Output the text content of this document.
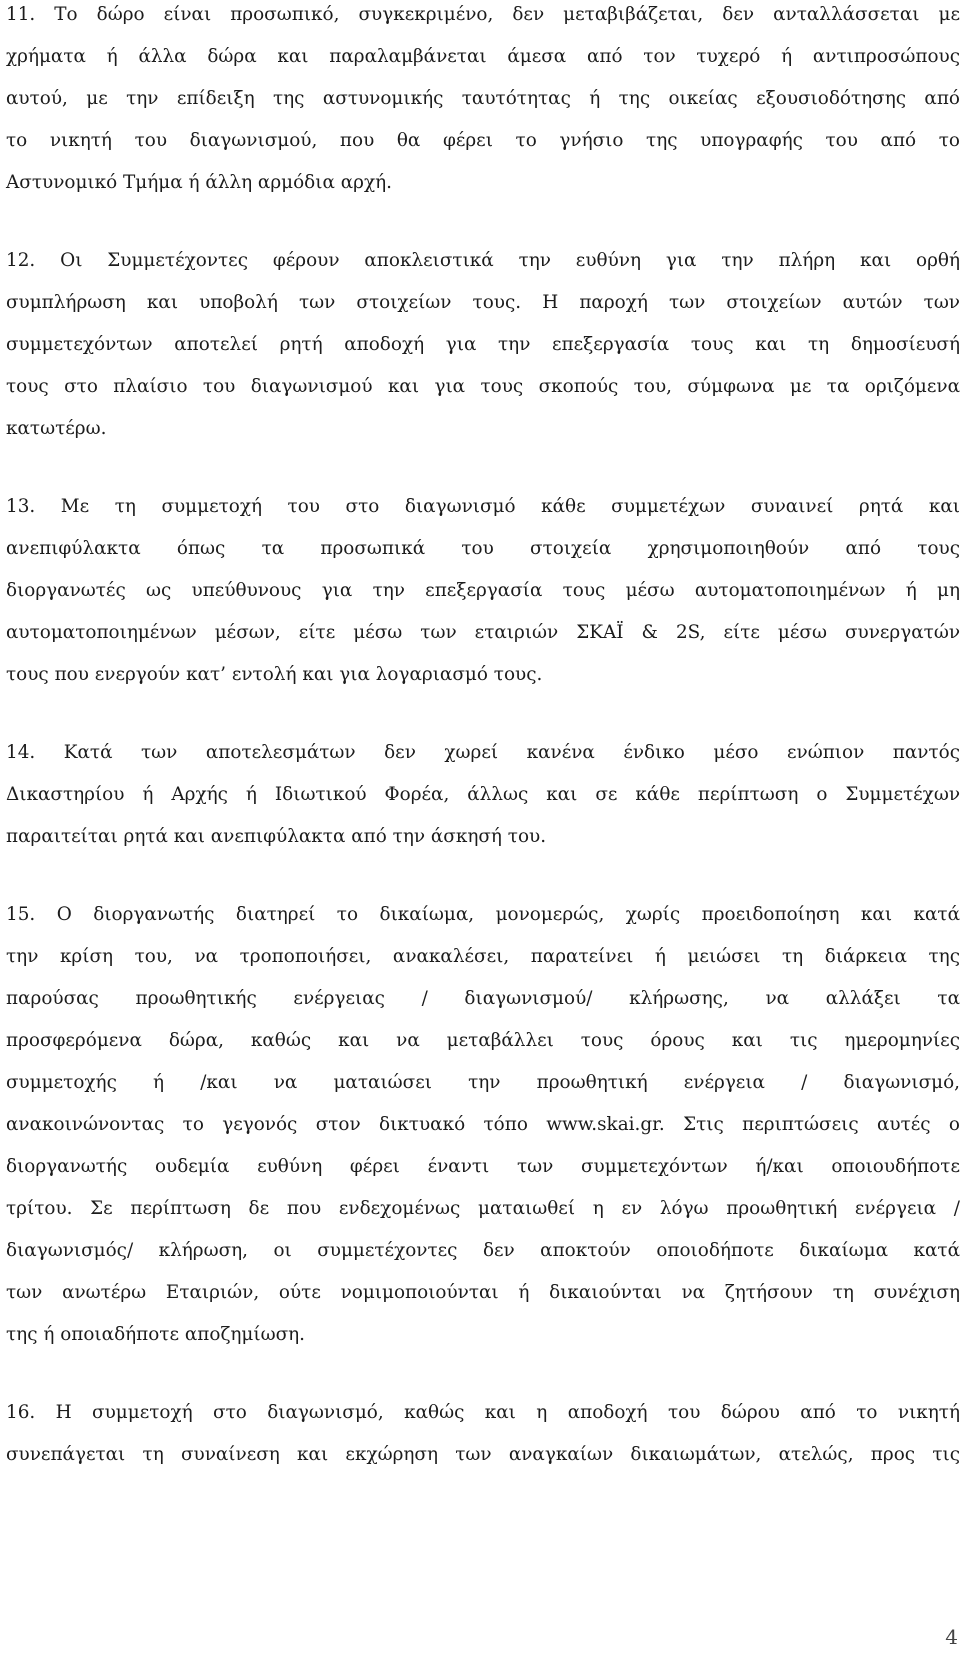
11. Το δώρο είναι προσωπικό, συγκεκριμένο, δεν μεταβιβάζεται, δεν ανταλλάσσεται με

χρήματα ή άλλα δώρα και παραλαμβάνεται άμεσα από τον τυχερό ή αντιπροσώπους

αυτού, με την επίδειξη της αστυνομικής ταυτότητας ή της οικείας εξουσιοδότησης από

το νικητή του διαγωνισμού, που θα φέρει το γνήσιο της υπογραφής του από το

Αστυνομικό Τμήμα ή άλλη αρμόδια αρχή.

12. Οι Συμμετέχοντες φέρουν αποκλειστικά την ευθύνη για την πλήρη και ορθή

συμπλήρωση και υποβολή των στοιχείων τους. Η παροχή των στοιχείων αυτών των

συμμετεχόντων αποτελεί ρητή αποδοχή για την επεξεργασία τους και τη δημοσίευσή

τους στο πλαίσιο του διαγωνισμού και για τους σκοπούς του, σύμφωνα με τα οριζόμενα

κατωτέρω.

13. Με τη συμμετοχή του στο διαγωνισμό κάθε συμμετέχων συναινεί ρητά και

ανεπιφύλακτα όπως τα προσωπικά του στοιχεία χρησιμοποιηθούν από τους

διοργανωτές ως υπεύθυνους για την επεξεργασία τους μέσω αυτοματοποιημένων ή μη

αυτοματοποιημένων μέσων, είτε μέσω των εταιριών ΣΚΑΪ & 2S, είτε μέσω συνεργατών

τους που ενεργούν κατ’ εντολή και για λογαριασμό τους.

14. Κατά των αποτελεσμάτων δεν χωρεί κανένα ένδικο μέσο ενώπιον παντός

Δικαστηρίου ή Αρχής ή Ιδιωτικού Φορέα, άλλως και σε κάθε περίπτωση ο Συμμετέχων

παραιτείται ρητά και ανεπιφύλακτα από την άσκησή του.

15. Ο διοργανωτής διατηρεί το δικαίωμα, μονομερώς, χωρίς προειδοποίηση και κατά

την κρίση του, να τροποποιήσει, ανακαλέσει, παρατείνει ή μειώσει τη διάρκεια της

παρούσας προωθητικής ενέργειας / διαγωνισμού/ κλήρωσης, να αλλάξει τα

προσφερόμενα δώρα, καθώς και να μεταβάλλει τους όρους και τις ημερομηνίες

συμμετοχής ή /και να ματαιώσει την προωθητική ενέργεια / διαγωνισμό,

ανακοινώνοντας το γεγονός στον δικτυακό τόπο www.skai.gr. Στις περιπτώσεις αυτές ο

διοργανωτής ουδεμία ευθύνη φέρει έναντι των συμμετεχόντων ή/και οποιουδήποτε

τρίτου. Σε περίπτωση δε που ενδεχομένως ματαιωθεί η εν λόγω προωθητική ενέργεια /

διαγωνισμός/ κλήρωση, οι συμμετέχοντες δεν αποκτούν οποιοδήποτε δικαίωμα κατά

των ανωτέρω Εταιριών, ούτε νομιμοποιούνται ή δικαιούνται να ζητήσουν τη συνέχιση

της ή οποιαδήποτε αποζημίωση.

16. Η συμμετοχή στο διαγωνισμό, καθώς και η αποδοχή του δώρου από το νικητή

συνεπάγεται τη συναίνεση και εκχώρηση των αναγκαίων δικαιωμάτων, ατελώς, προς τις

4
